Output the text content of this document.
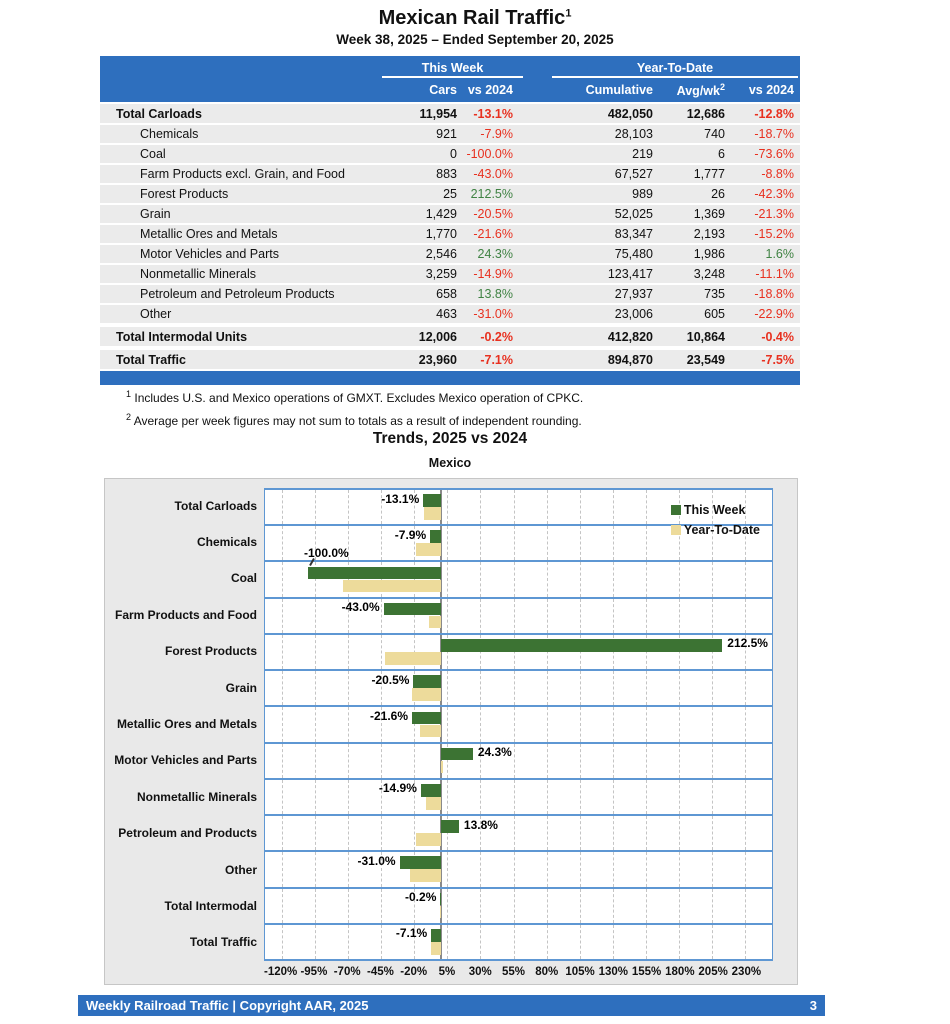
Mexican Rail Traffic$^1$
Week 38, 2025 – Ended September 20, 2025
This Week	Year-To-Date
Cars vs 2024	Cumulative	Avg/$wk^2$	vs 2024
Total Carloads	11,954	-13.1%	482,050	12,686	-12.8%
Chemicals	921	-7.9%	28,103	740	-18.7%
Coal	0 -100.0%	219	6	-73.6%
Farm Products excl. Grain, and Food	883	-43.0%	67,527	1,777	-8.8%
Forest Products	25	212.5%	989	26	-42.3%
Grain	1,429	-20.5%	52,025	1,369	-21.3%
Metallic Ores and Metals	1,770	-21.6%	83,347	2,193	-15.2%
Motor Vehicles and Parts	2,546	24.3%	75,480	1,986	1.6%
Nonmetallic Minerals	3,259	-14.9%	123,417	3,248	-11.1%
Petroleum and Petroleum Products	658	13.8%	27,937	735	-18.8%
Other	463	-31.0%	23,006	605	-22.9%
Total Intermodal Units	12,006	-0.2%	412,820	10,864	-0.4%
Total Traffic	23,960	-7.1%	894,870	23,549	-7.5%
$^1$ Includes U.S. and Mexico operations of GMXT. Excludes Mexico operation of CPKC.
$^2$ Average per week figures may not sum to totals as a result of independent rounding.
Trends, 2025 vs 2024
Mexico
-13.1%
-7.9%
-100.0%
-43.0%
212.5%
-20.5%
-21.6%
24.3%
-14.9%
13.8%
-31.0%
-0.2%
-7.1%
This Week
Year-To-Date
-120% -95% -70% -45% -20% 5% 30% 55% 80% 105% 130% 155% 180% 205% 230%
Total Carloads
Chemicals
Coal
Farm Products and Food
Forest Products
Grain
Metallic Ores and Metals
Motor Vehicles and Parts
Nonmetallic Minerals
Petroleum and Products
Other
Total Intermodal
Total Traffic
Weekly Railroad Traffic | Copyright AAR, 2025	3
